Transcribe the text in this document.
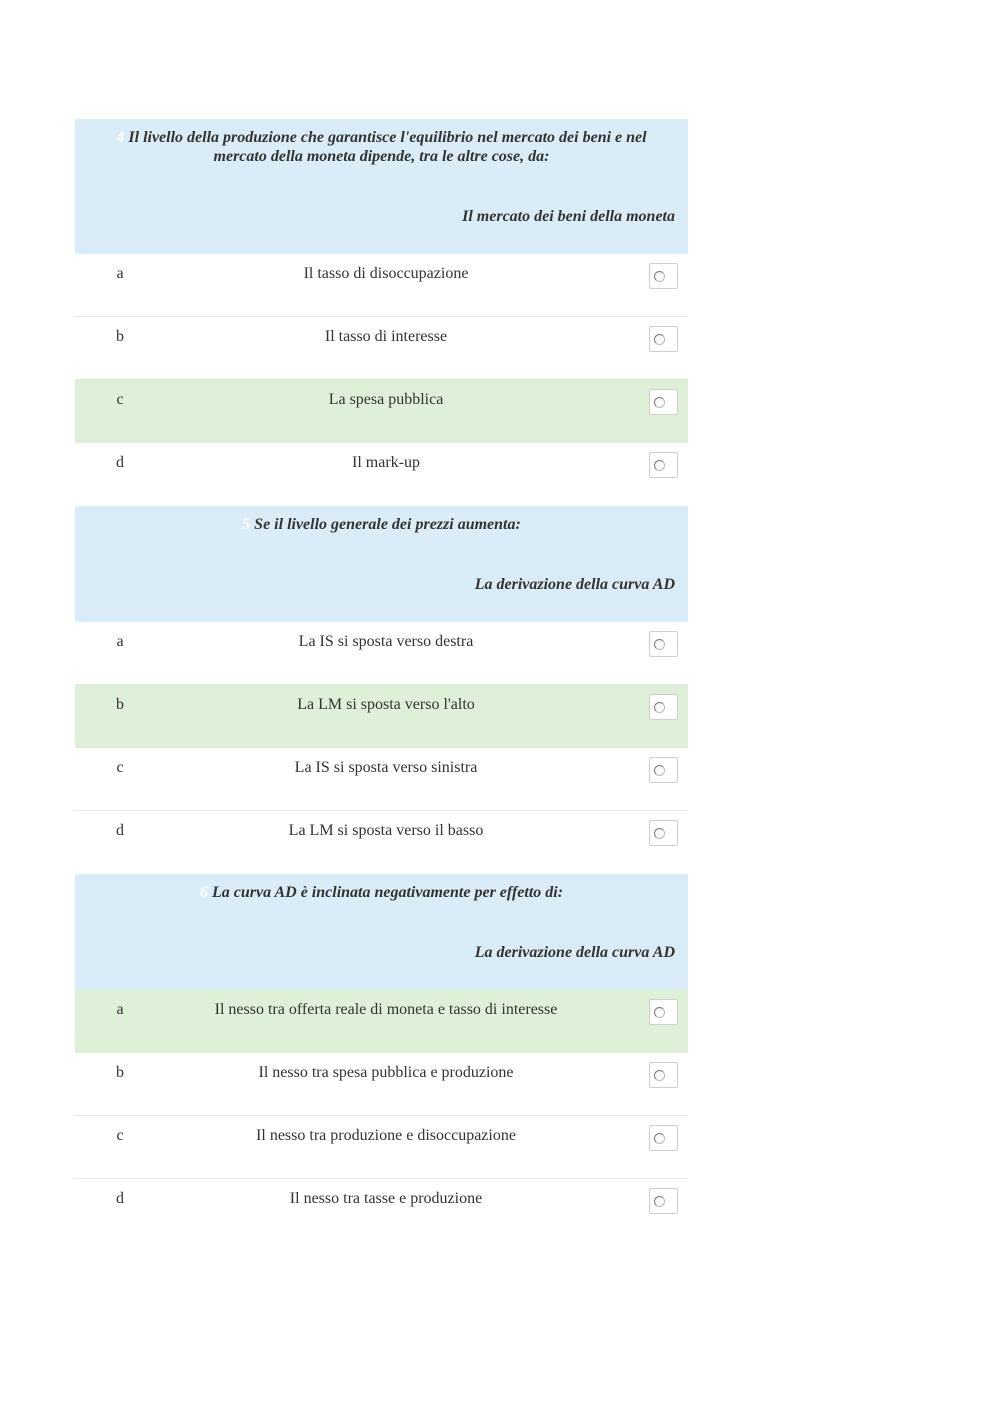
4 Il livello della produzione che garantisce l'equilibrio nel mercato dei beni e nel mercato della moneta dipende, tra le altre cose, da:
Il mercato dei beni della moneta
a	Il tasso di disoccupazione
b	Il tasso di interesse
c	La spesa pubblica
d	Il mark-up
5 Se il livello generale dei prezzi aumenta:
La derivazione della curva AD
a	La IS si sposta verso destra
b	La LM si sposta verso l'alto
c	La IS si sposta verso sinistra
d	La LM si sposta verso il basso
6 La curva AD è inclinata negativamente per effetto di:
La derivazione della curva AD
a	Il nesso tra offerta reale di moneta e tasso di interesse
b	Il nesso tra spesa pubblica e produzione
c	Il nesso tra produzione e disoccupazione
d	Il nesso tra tasse e produzione
